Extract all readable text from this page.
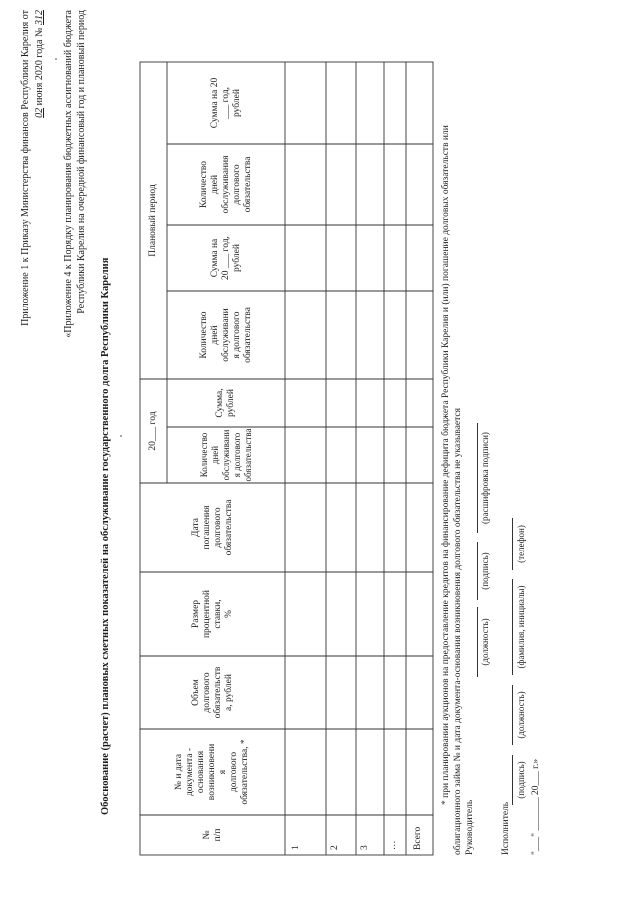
Приложение 1 к Приказу Министерства финансов Республики Карелия от 02 июня 2020 года № 312 «Приложение 4 к Порядку планирования бюджетных ассигнований бюджета Республики Карелия на очередной финансовый год и плановый период
Обоснование (расчет) плановых сметных показателей на обслуживание государственного долга Республики Карелия
№
п/п
№ и дата
документа -
основания
возникновени
я
долгового
обязательства, *
Объем
долгового
обязательств
а, рублей
Размер
процентной
ставки,
%
Дата
погашения
долгового
обязательства
20___ год
Плановый период
Количество
дней
обслуживани
я долгового
обязательства
Сумма,
рублей
Количество
дней
обслуживани
я долгового
обязательства
Сумма на
20 ___ год,
рублей
Количество
дней
обслуживания
долгового
обязательства
Сумма на 20
___ год,
рублей
1	2 3 … Всего
* при планировании аукционов на предоставление кредитов на финансирование дефицита бюджета Республики Карелия и (или) погашение долговых обязательств или облигационного займа № и дата документа-основания возникновения долгового обязательства не указывается Руководитель
(должность)
(подпись)
(расшифровка подписи)
Исполнитель
(подпись)
(должность)
(фамилия, инициалы)
(телефон)
"___" _______ 20___ г.»
